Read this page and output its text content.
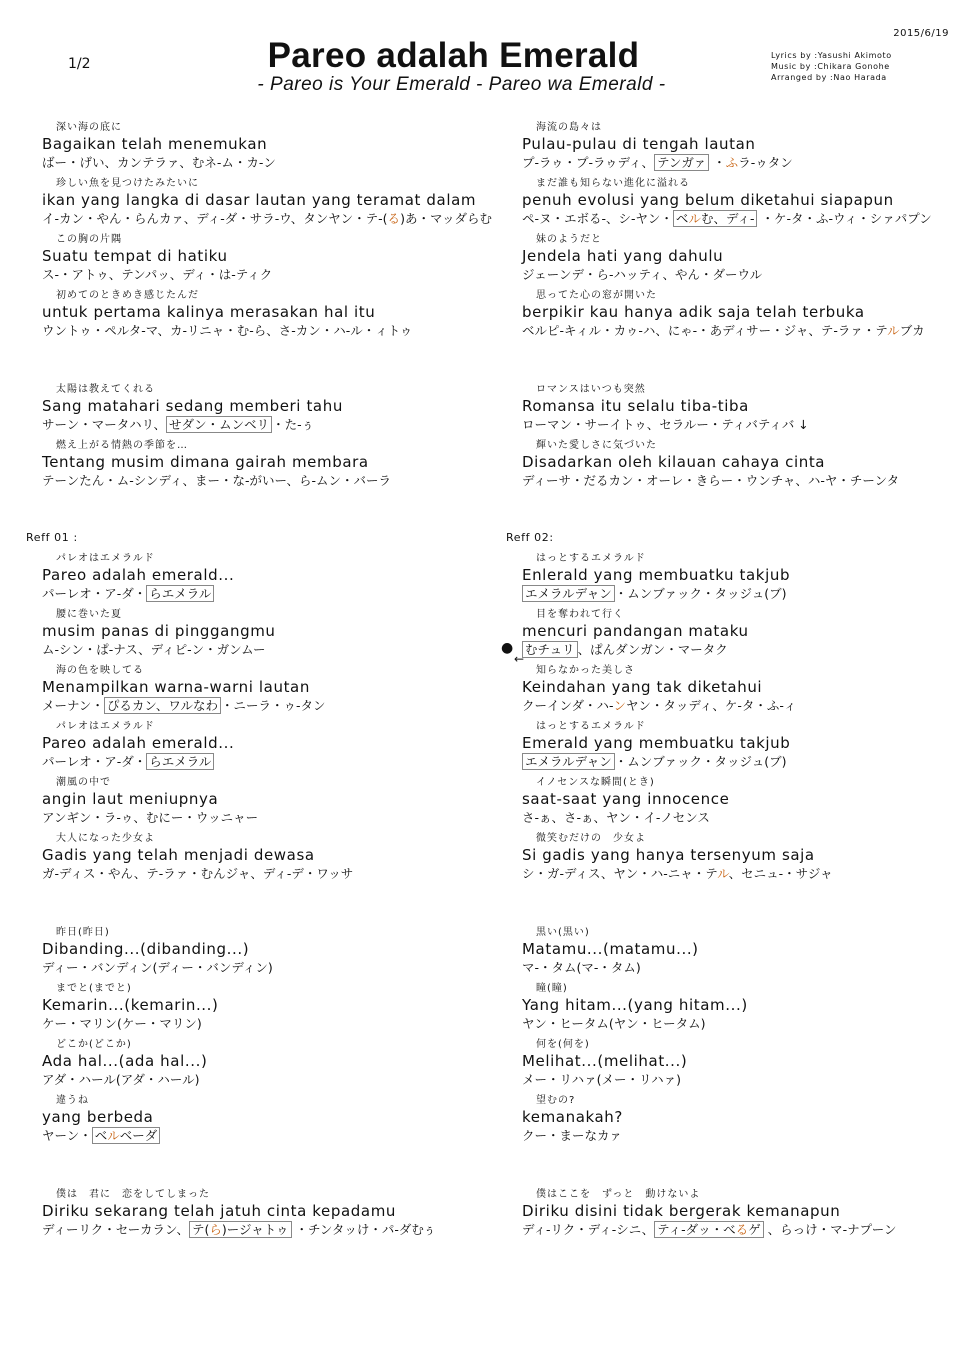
2015/6/19
1/2	Pareo adalah Emerald
- Pareo is Your Emerald - Pareo wa Emerald -
Lyrics by :Yasushi Akimoto
Music by :Chikara Gonohe
Arranged by :Nao Harada
深い海の底に
Bagaikan telah menemukan
ばー・げい、カンテラァ、むネ-ム・カ-ン
珍しい魚を見つけたみたいに
ikan yang langka di dasar lautan yang teramat dalam
イ-カン・やん・らんカァ、ディ-ダ・サラ-ウ、タンヤン・テ-(る)あ・マッダらむ
この胸の片隅
Suatu tempat di hatiku
ス-・アトゥ、テンパッ、ディ・は-ティク
初めてのときめき感じたんだ
untuk pertama kalinya merasakan hal itu
ウントゥ・ペルタ-マ、カ-リニャ・む-ら、さ-カン・ハ-ル・ィトゥ
太陽は教えてくれる
Sang matahari sedang memberi tahu
サーン・マータハリ、 せダン・ムンベリ ・た-ぅ
燃え上がる情熱の季節を…
Tentang musim dimana gairah membara
テーンたん・ム-シンディ、まー・な-がいー、ら-ムン・バーラ
パレオはエメラルド
Pareo adalah emerald...
パーレオ・ア-ダ・ らエメラル
腰に巻いた夏
musim panas di pinggangmu
ム-シン・ぱ-ナス、ディピ-ン・ガンムー
海の色を映してる
Menampilkan warna-warni lautan
メーナン・ ぴるカン、ワルなわ ・ニーラ・ゥ-タン
パレオはエメラルド
Pareo adalah emerald...
パーレオ・ア-ダ・ らエメラル
潮風の中で
angin laut meniupnya
アンギン・ラ-ゥ、むにー・ウッニャー
大人になった少女よ
Gadis yang telah menjadi dewasa
ガ-ディス・やん、テ-ラァ・むんジャ、ディ-デ・ワッサ
昨日(昨日)
Dibanding...(dibanding...)
ディー・バンディン(ディー・バンディン)
までと(までと)
Kemarin...(kemarin...)
ケー・マリン(ケー・マリン)
どこか(どこか)
Ada hal...(ada hal...)
アダ・ハール(アダ・ハール)
違うね
yang berbeda
ヤーン・ ベルベーダ
僕は　君に　恋をしてしまった
Diriku sekarang telah jatuh cinta kepadamu
ディーリク・セーカラン、 テ(ら)ージャトゥ ・チンタッけ・パ-ダむぅ
海流の島々は
Pulau-pulau di tengah lautan
プ-ラゥ・プ-ラゥディ、 テンガァ ・ふラ-ゥタン
まだ誰も知らない進化に溢れる
penuh evolusi yang belum diketahui siapapun
ペ-ヌ・エボる-、シ-ヤン・ ベルむ、ディ- ・ケ-タ・ふ-ウィ・シァパプン
妹のようだと
Jendela hati yang dahulu
ジェーンデ・ら-ハッティ、やん・ダーウル
思ってた心の窓が開いた
berpikir kau hanya adik saja telah terbuka
ベルピ-キィル・カゥ-ハ、にゃ-・あディサー・ジャ、テ-ラァ・テルブカ
ロマンスはいつも突然
Romansa itu selalu tiba-tiba
ローマン・サーイトゥ、セラルー・ティバティバ ↓
輝いた愛しさに気づいた
Disadarkan oleh kilauan cahaya cinta
ディーサ・だるカン・オーレ・きらー・ウンチャ、ハ-ヤ・チーンタ
はっとするエメラルド
Enlerald yang membuatku takjub
エメラルデャン ・ムンブァック・タッジュ(ブ)
目を奪われて行く
mencuri pandangan mataku
むチュリ 、ぱんダンガン・マータク
知らなかった美しさ
Keindahan yang tak diketahui
クーインダ・ハ-ンヤン・タッディ、ケ-タ・ふ-ィ
はっとするエメラルド
Emerald yang membuatku takjub
エメラルデャン ・ムンブァック・タッジュ(ブ)
イノセンスな瞬間(とき)
saat-saat yang innocence
さ-ぁ、さ-ぁ、ヤン・イ-ノセンス
微笑むだけの　少女よ
Si gadis yang hanya tersenyum saja
シ・ガ-ディス、ヤン・ハ-ニャ・テル、セニュ-・サジャ
黒い(黒い)
Matamu...(matamu...)
マ-・タム(マ-・タム)
瞳(瞳)
Yang hitam...(yang hitam...)
ヤン・ヒータム(ヤン・ヒータム)
何を(何を)
Melihat...(melihat...)
メー・リハァ(メー・リハァ)
望むの?
kemanakah?
クー・まーなカァ
僕はここを　ずっと　動けないよ
Diriku disini tidak bergerak kemanapun
ディ-リク・ディ-シニ、 ティ-ダッ・べるゲ 、らっけ・マ-ナプーン
Reff 01 :	Reff 02:
●
←
